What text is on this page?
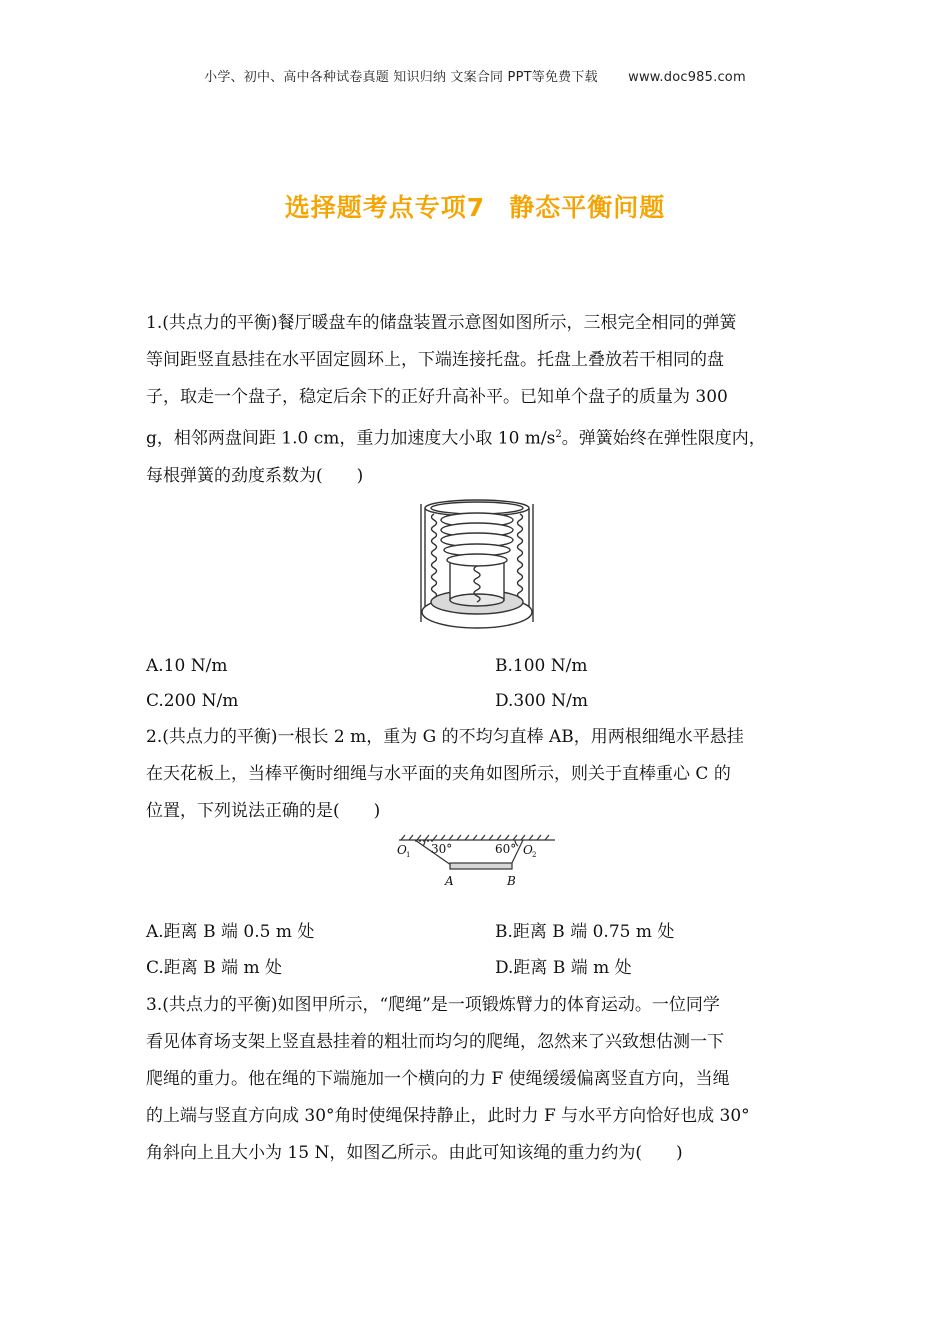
小学、初中、高中各种试卷真题 知识归纳 文案合同 PPT等免费下载 www.doc985.com
选择题考点专项7 静态平衡问题
1.(共点力的平衡)餐厅暖盘车的储盘装置示意图如图所示，三根完全相同的弹簧
等间距竖直悬挂在水平固定圆环上，下端连接托盘。托盘上叠放若干相同的盘
子，取走一个盘子，稳定后余下的正好升高补平。已知单个盘子的质量为 300
g，相邻两盘间距 1.0 cm，重力加速度大小取 10 $m/s^2$。弹簧始终在弹性限度内，
每根弹簧的劲度系数为(　　)
A.10 N/m	B.100 N/m
C.200 N/m	D.300 N/m
2.(共点力的平衡)一根长 2 m，重为 G 的不均匀直棒 AB，用两根细绳水平悬挂
在天花板上，当棒平衡时细绳与水平面的夹角如图所示，则关于直棒重心 C 的
位置，下列说法正确的是(　　)
O 1 30°	60° O 2
A	B
A.距离 B 端 0.5 m 处	B.距离 B 端 0.75 m 处
C.距离 B 端 m 处	D.距离 B 端 m 处
3.(共点力的平衡)如图甲所示，“爬绳”是一项锻炼臂力的体育运动。一位同学
看见体育场支架上竖直悬挂着的粗壮而均匀的爬绳，忽然来了兴致想估测一下
爬绳的重力。他在绳的下端施加一个横向的力 F 使绳缓缓偏离竖直方向，当绳
的上端与竖直方向成 30°角时使绳保持静止，此时力 F 与水平方向恰好也成 30°
角斜向上且大小为 15 N，如图乙所示。由此可知该绳的重力约为(　　)
